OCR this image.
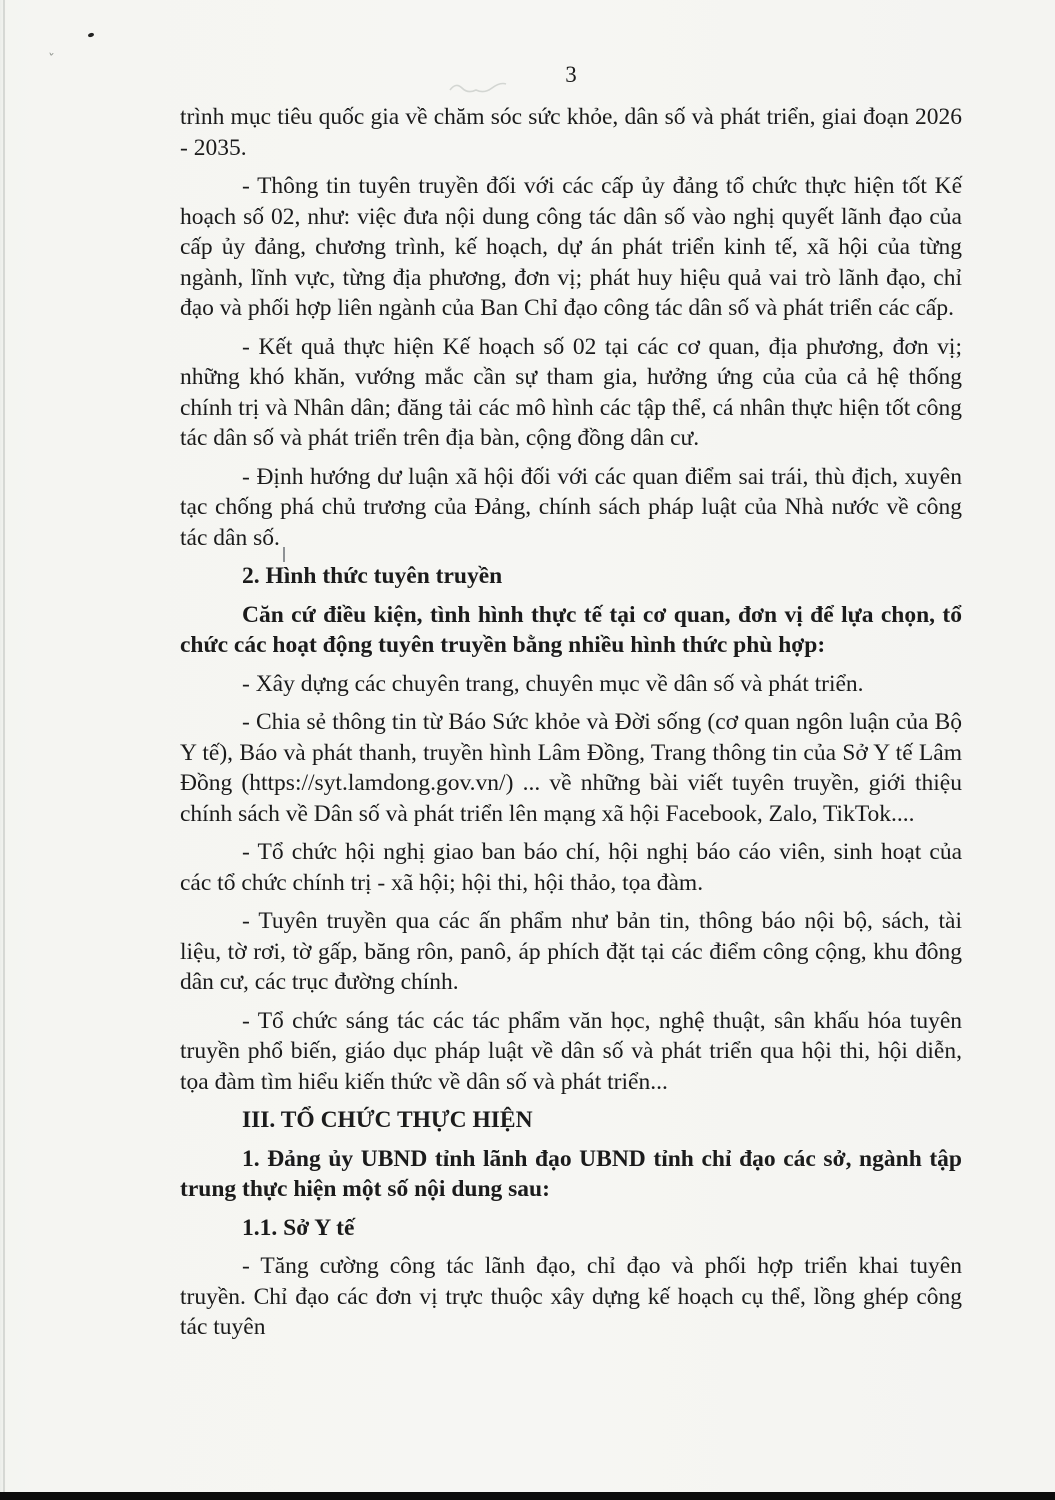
ˇ
3

trình mục tiêu quốc gia về chăm sóc sức khỏe, dân số và phát triển, giai đoạn 2026 - 2035.

- Thông tin tuyên truyền đối với các cấp ủy đảng tổ chức thực hiện tốt Kế hoạch số 02, như: việc đưa nội dung công tác dân số vào nghị quyết lãnh đạo của cấp ủy đảng, chương trình, kế hoạch, dự án phát triển kinh tế, xã hội của từng ngành, lĩnh vực, từng địa phương, đơn vị; phát huy hiệu quả vai trò lãnh đạo, chỉ đạo và phối hợp liên ngành của Ban Chỉ đạo công tác dân số và phát triển các cấp.

- Kết quả thực hiện Kế hoạch số 02 tại các cơ quan, địa phương, đơn vị; những khó khăn, vướng mắc cần sự tham gia, hưởng ứng của của cả hệ thống chính trị và Nhân dân; đăng tải các mô hình các tập thể, cá nhân thực hiện tốt công tác dân số và phát triển trên địa bàn, cộng đồng dân cư.

- Định hướng dư luận xã hội đối với các quan điểm sai trái, thù địch, xuyên tạc chống phá chủ trương của Đảng, chính sách pháp luật của Nhà nước về công tác dân số.

2. Hình thức tuyên truyền

Căn cứ điều kiện, tình hình thực tế tại cơ quan, đơn vị để lựa chọn, tổ chức các hoạt động tuyên truyền bằng nhiều hình thức phù hợp:

- Xây dựng các chuyên trang, chuyên mục về dân số và phát triển.

- Chia sẻ thông tin từ Báo Sức khỏe và Đời sống (cơ quan ngôn luận của Bộ Y tế), Báo và phát thanh, truyền hình Lâm Đồng, Trang thông tin của Sở Y tế Lâm Đồng (https://syt.lamdong.gov.vn/) ... về những bài viết tuyên truyền, giới thiệu chính sách về Dân số và phát triển lên mạng xã hội Facebook, Zalo, TikTok....

- Tổ chức hội nghị giao ban báo chí, hội nghị báo cáo viên, sinh hoạt của các tổ chức chính trị - xã hội; hội thi, hội thảo, tọa đàm.

- Tuyên truyền qua các ấn phẩm như bản tin, thông báo nội bộ, sách, tài liệu, tờ rơi, tờ gấp, băng rôn, panô, áp phích đặt tại các điểm công cộng, khu đông dân cư, các trục đường chính.

- Tổ chức sáng tác các tác phẩm văn học, nghệ thuật, sân khấu hóa tuyên truyền phổ biến, giáo dục pháp luật về dân số và phát triển qua hội thi, hội diễn, tọa đàm tìm hiểu kiến thức về dân số và phát triển...

III. TỔ CHỨC THỰC HIỆN

1. Đảng ủy UBND tỉnh lãnh đạo UBND tỉnh chỉ đạo các sở, ngành tập trung thực hiện một số nội dung sau:

1.1. Sở Y tế

- Tăng cường công tác lãnh đạo, chỉ đạo và phối hợp triển khai tuyên truyền. Chỉ đạo các đơn vị trực thuộc xây dựng kế hoạch cụ thể, lồng ghép công tác tuyên
